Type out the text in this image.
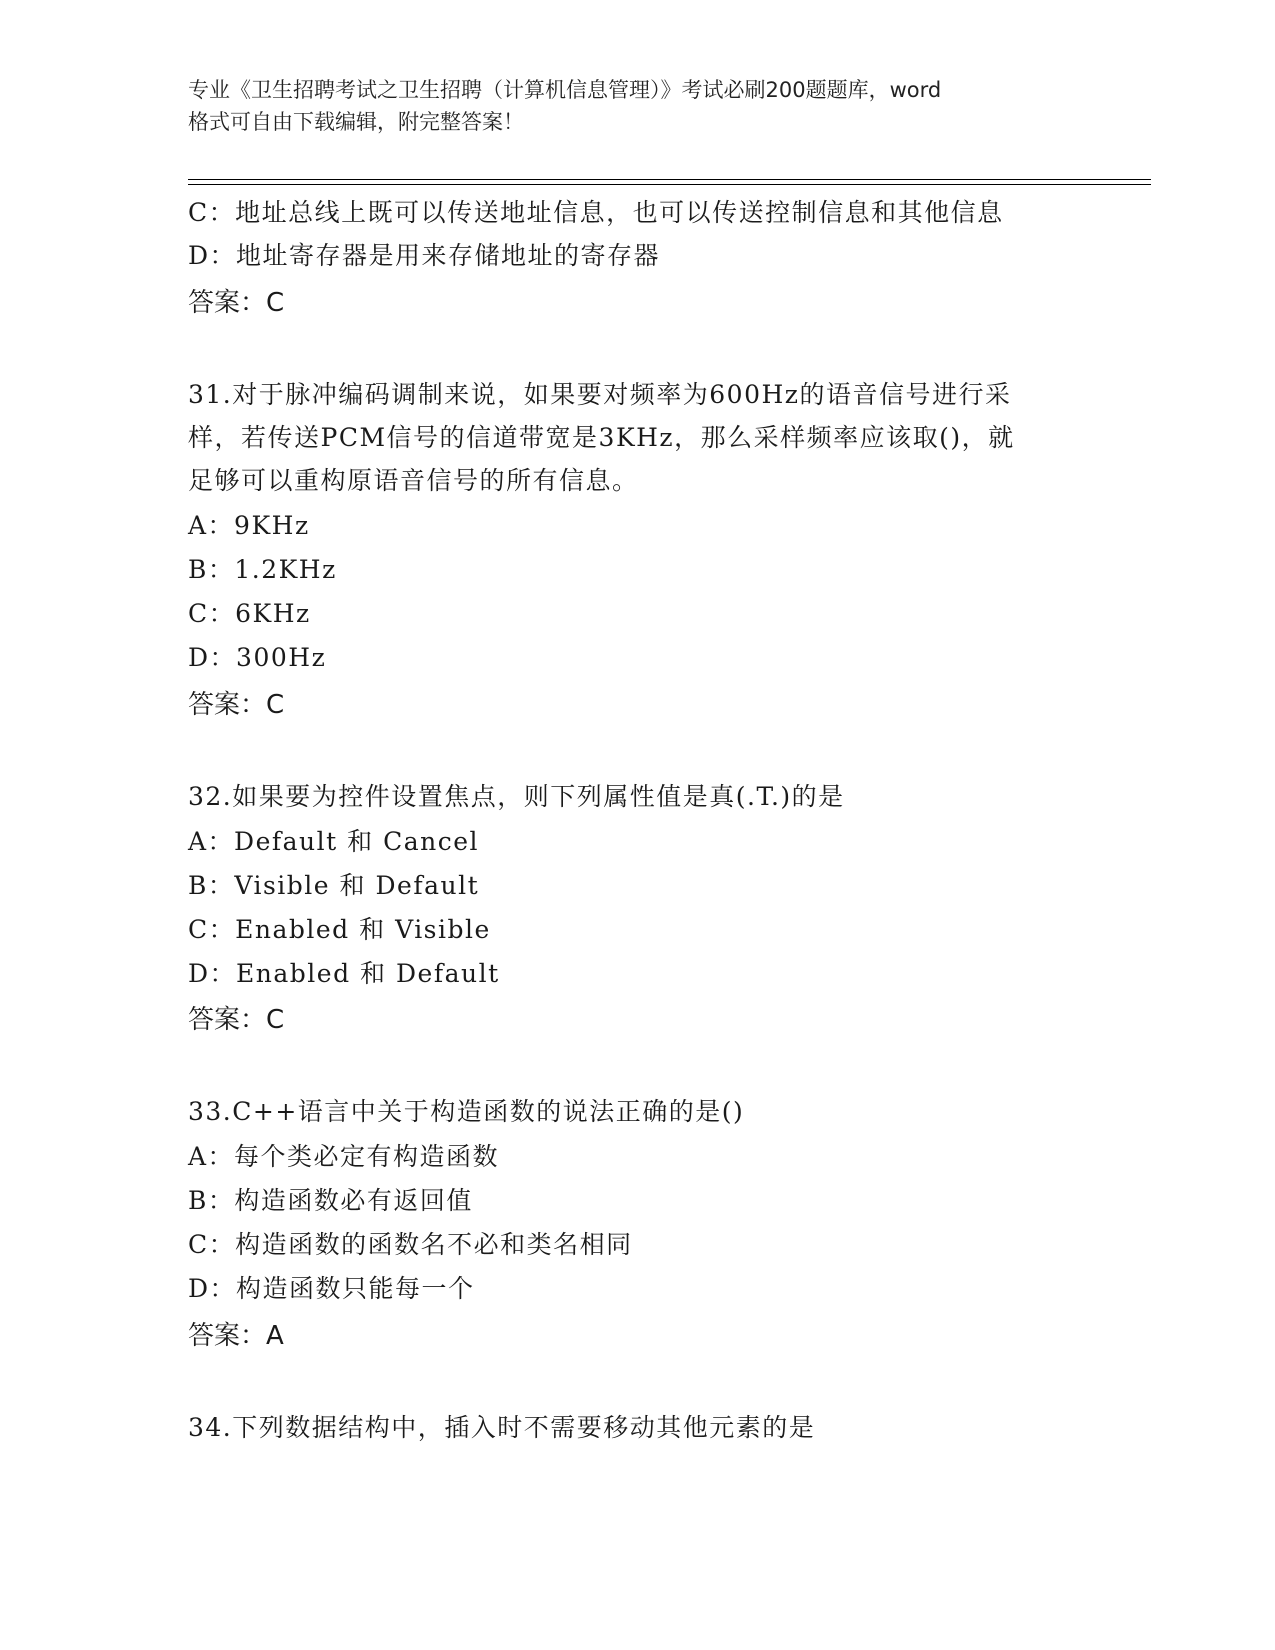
专业《卫生招聘考试之卫生招聘（计算机信息管理）》考试必刷200题题库，word
格式可自由下载编辑，附完整答案！
C：地址总线上既可以传送地址信息，也可以传送控制信息和其他信息
D：地址寄存器是用来存储地址的寄存器
答案：C
31.对于脉冲编码调制来说，如果要对频率为600Hz的语音信号进行采
样，若传送PCM信号的信道带宽是3KHz，那么采样频率应该取()，就
足够可以重构原语音信号的所有信息。
A：9KHz
B：1.2KHz
C：6KHz
D：300Hz
答案：C
32.如果要为控件设置焦点，则下列属性值是真(.T.)的是
A：Default 和 Cancel
B：Visible 和 Default
C：Enabled 和 Visible
D：Enabled 和 Default
答案：C
33.C++语言中关于构造函数的说法正确的是()
A：每个类必定有构造函数
B：构造函数必有返回值
C：构造函数的函数名不必和类名相同
D：构造函数只能每一个
答案：A
34.下列数据结构中，插入时不需要移动其他元素的是
